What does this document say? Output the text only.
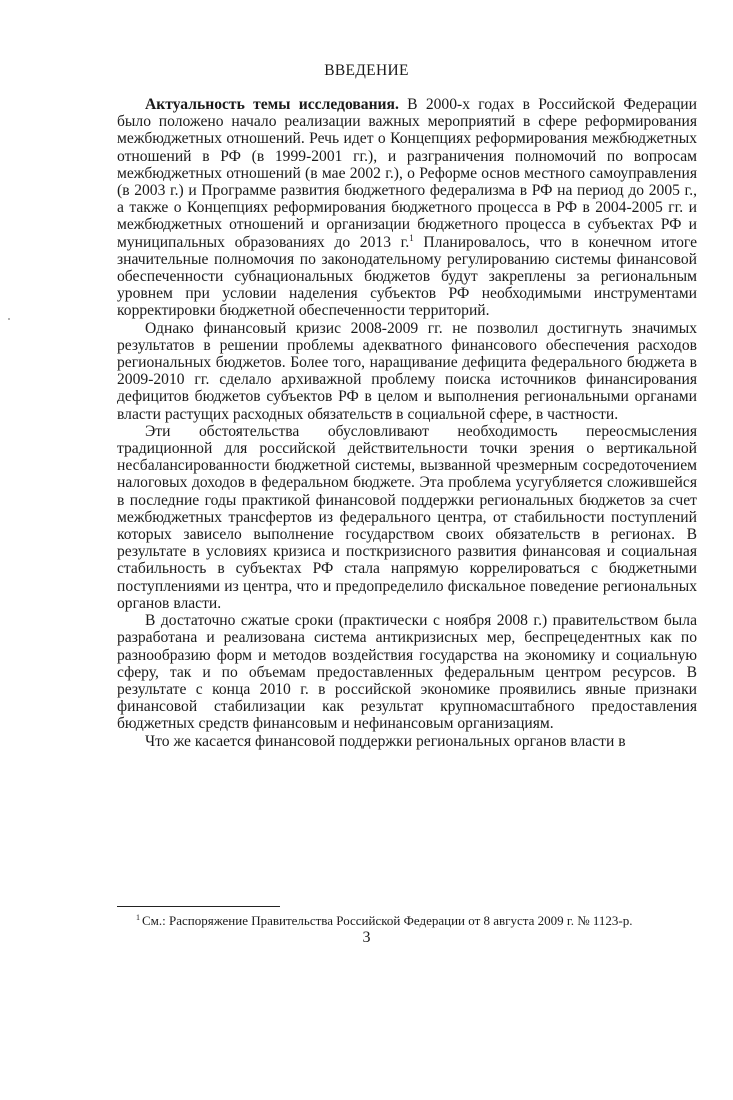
ВВЕДЕНИЕ

Актуальность темы исследования. В 2000-х годах в Российской Федерации было положено начало реализации важных мероприятий в сфере реформирования межбюджетных отношений. Речь идет о Концепциях реформирования межбюджетных отношений в РФ (в 1999-2001 гг.), и разграничения полномочий по вопросам межбюджетных отношений (в мае 2002 г.), о Реформе основ местного самоуправления (в 2003 г.) и Программе развития бюджетного федерализма в РФ на период до 2005 г., а также о Концепциях реформирования бюджетного процесса в РФ в 2004-2005 гг. и межбюджетных отношений и организации бюджетного процесса в субъектах РФ и муниципальных образованиях до 2013 г.$^1$ Планировалось, что в конечном итоге значительные полномочия по законодательному регулированию системы финансовой обеспеченности субнациональных бюджетов будут закреплены за региональным уровнем при условии наделения субъектов РФ необходимыми инструментами корректировки бюджетной обеспеченности территорий.

Однако финансовый кризис 2008-2009 гг. не позволил достигнуть значимых результатов в решении проблемы адекватного финансового обеспечения расходов региональных бюджетов. Более того, наращивание дефицита федерального бюджета в 2009-2010 гг. сделало архиважной проблему поиска источников финансирования дефицитов бюджетов субъектов РФ в целом и выполнения региональными органами власти растущих расходных обязательств в социальной сфере, в частности.

Эти обстоятельства обусловливают необходимость переосмысления традиционной для российской действительности точки зрения о вертикальной несбалансированности бюджетной системы, вызванной чрезмерным сосредоточением налоговых доходов в федеральном бюджете. Эта проблема усугубляется сложившейся в последние годы практикой финансовой поддержки региональных бюджетов за счет межбюджетных трансфертов из федерального центра, от стабильности поступлений которых зависело выполнение государством своих обязательств в регионах. В результате в условиях кризиса и посткризисного развития финансовая и социальная стабильность в субъектах РФ стала напрямую коррелироваться с бюджетными поступлениями из центра, что и предопределило фискальное поведение региональных органов власти.

В достаточно сжатые сроки (практически с ноября 2008 г.) правительством была разработана и реализована система антикризисных мер, беспрецедентных как по разнообразию форм и методов воздействия государства на экономику и социальную сферу, так и по объемам предоставленных федеральным центром ресурсов. В результате с конца 2010 г. в российской экономике проявились явные признаки финансовой стабилизации как результат крупномасштабного предоставления бюджетных средств финансовым и нефинансовым организациям.

Что же касается финансовой поддержки региональных органов власти в

$^1$ См.: Распоряжение Правительства Российской Федерации от 8 августа 2009 г. № 1123-р.
3
